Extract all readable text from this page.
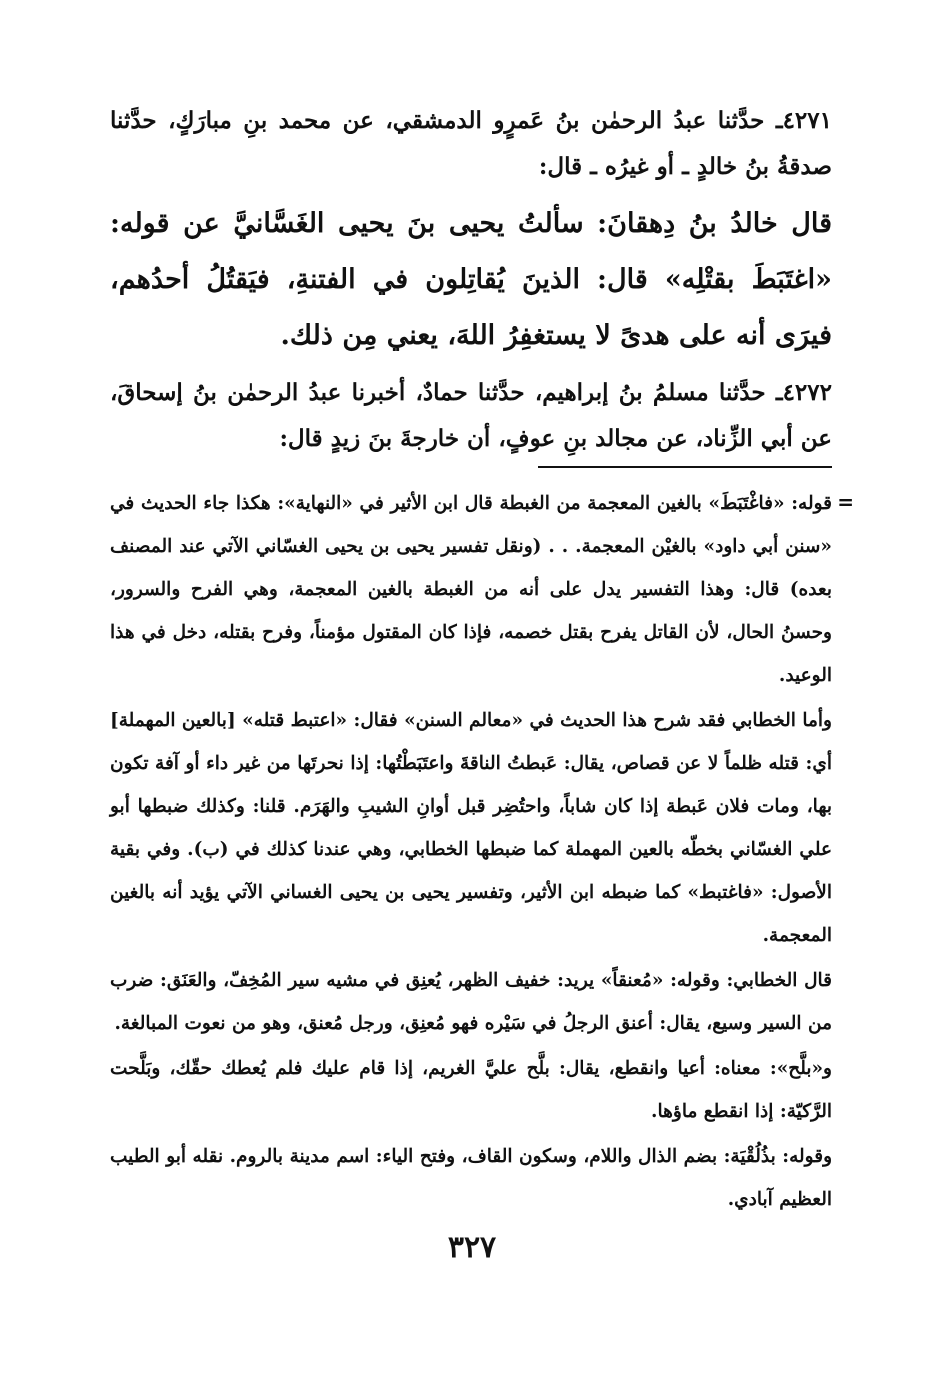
٤٢٧١ـ حدَّثنا عبدُ الرحمٰن بنُ عَمرٍو الدمشقي، عن محمد بنِ مبارَكٍ، حدَّثنا صدقةُ بنُ خالدٍ ـ أو غيرُه ـ قال:

قال خالدُ بنُ دِهقانَ: سألتُ يحيى بنَ يحيى الغَسَّانيَّ عن قوله: «اغتَبَطَ بقتْلِه» قال: الذينَ يُقاتِلون في الفتنةِ، فيَقتُلُ أحدُهم، فيرَى أنه على هدىً لا يستغفِرُ اللهَ، يعني مِن ذلك.

٤٢٧٢ـ حدَّثنا مسلمُ بنُ إبراهيم، حدَّثنا حمادٌ، أخبرنا عبدُ الرحمٰن بنُ إسحاقَ، عن أبي الزِّناد، عن مجالد بنِ عوفٍ، أن خارجةَ بنَ زيدٍ قال:

=

قوله: «فاغْتَبَطَ» بالغين المعجمة من الغبطة قال ابن الأثير في «النهاية»: هكذا جاء الحديث في «سنن أبي داود» بالغيْن المعجمة. . . (ونقل تفسير يحيى بن يحيى الغسّاني الآتي عند المصنف بعده) قال: وهذا التفسير يدل على أنه من الغبطة بالغين المعجمة، وهي الفرح والسرور، وحسنُ الحال، لأن القاتل يفرح بقتل خصمه، فإذا كان المقتول مؤمناً، وفرح بقتله، دخل في هذا الوعيد.

وأما الخطابي فقد شرح هذا الحديث في «معالم السنن» فقال: «اعتبط قتله» [بالعين المهملة] أي: قتله ظلماً لا عن قصاص، يقال: عَبطتُ الناقةَ واعتَبَطْتُها: إذا نحرتَها من غير داء أو آفة تكون بها، ومات فلان عَبطة إذا كان شاباً، واحتُضِر قبل أوانِ الشيبِ والهَرَم. قلنا: وكذلك ضبطها أبو علي الغسّاني بخطّه بالعين المهملة كما ضبطها الخطابي، وهي عندنا كذلك في (ب). وفي بقية الأصول: «فاغتبط» كما ضبطه ابن الأثير، وتفسير يحيى بن يحيى الغساني الآتي يؤيد أنه بالغين المعجمة.

قال الخطابي: وقوله: «مُعنقاً» يريد: خفيف الظهر، يُعنِق في مشيه سير المُخِفّ، والعَنَق: ضرب من السير وسيع، يقال: أعنق الرجلُ في سَيْره فهو مُعنِق، ورجل مُعنق، وهو من نعوت المبالغة.

و«بلَّح»: معناه: أعيا وانقطع، يقال: بلَّح عليَّ الغريم، إذا قام عليك فلم يُعطك حقّك، وبَلَّحت الرَّكيّة: إذا انقطع ماؤها.

وقوله: بذُلُقْيَة: بضم الذال واللام، وسكون القاف، وفتح الياء: اسم مدينة بالروم. نقله أبو الطيب العظيم آبادي.

٣٢٧
